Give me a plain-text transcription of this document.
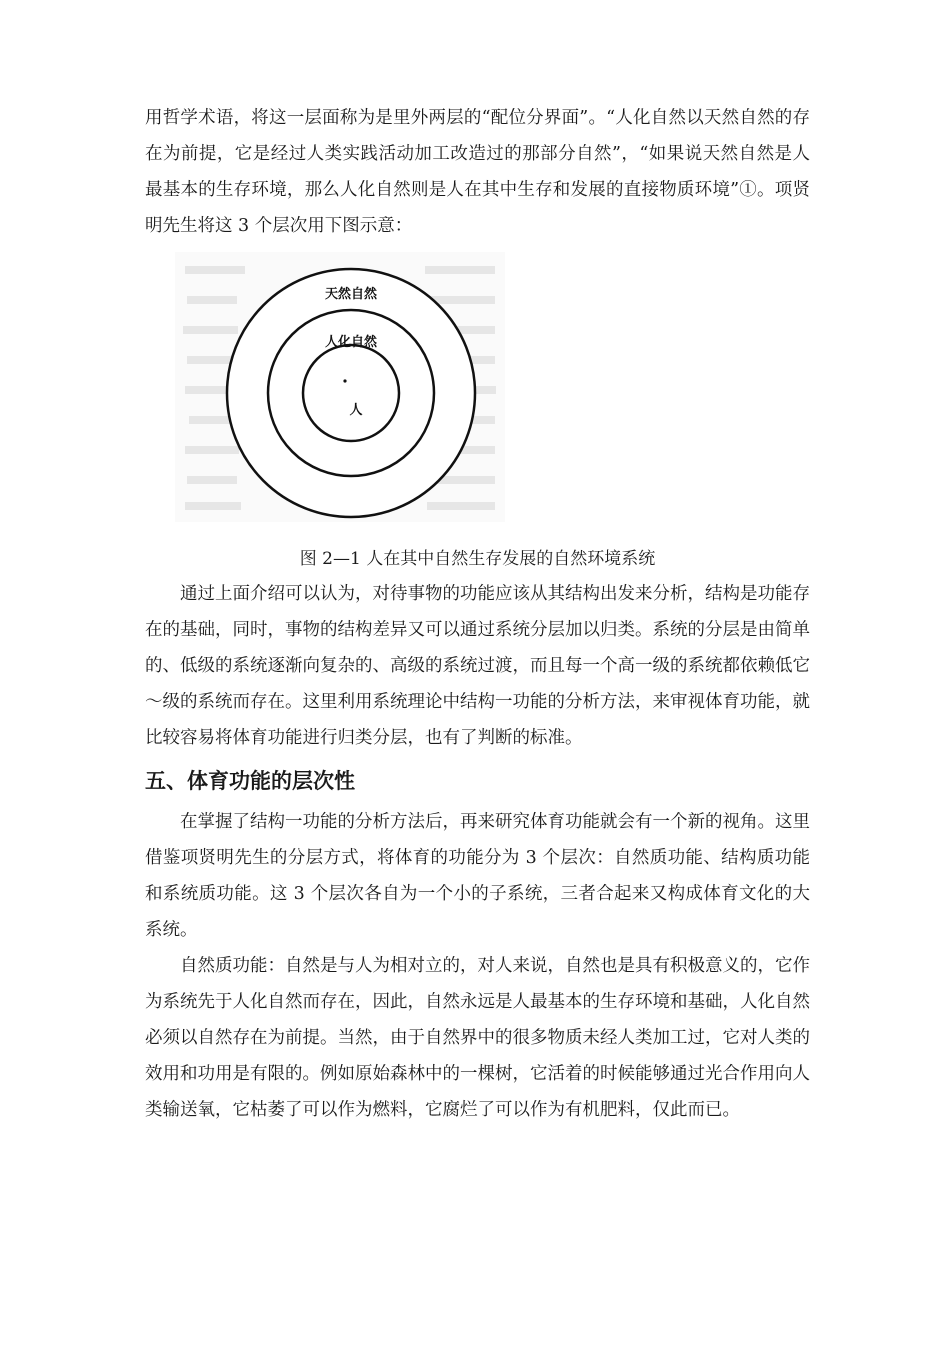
用哲学术语，将这一层面称为是里外两层的“配位分界面”。“人化自然以天然自然的存在为前提，它是经过人类实践活动加工改造过的那部分自然”，“如果说天然自然是人最基本的生存环境，那么人化自然则是人在其中生存和发展的直接物质环境”①。项贤明先生将这 3 个层次用下图示意：

天然自然
人化自然
人

图 2—1 人在其中自然生存发展的自然环境系统

通过上面介绍可以认为，对待事物的功能应该从其结构出发来分析，结构是功能存在的基础，同时，事物的结构差异又可以通过系统分层加以归类。系统的分层是由简单的、低级的系统逐渐向复杂的、高级的系统过渡，而且每一个高一级的系统都依赖低它～级的系统而存在。这里利用系统理论中结构一功能的分析方法，来审视体育功能，就比较容易将体育功能进行归类分层，也有了判断的标准。

五、体育功能的层次性

在掌握了结构一功能的分析方法后，再来研究体育功能就会有一个新的视角。这里借鉴项贤明先生的分层方式，将体育的功能分为 3 个层次：自然质功能、结构质功能和系统质功能。这 3 个层次各自为一个小的子系统，三者合起来又构成体育文化的大系统。

自然质功能：自然是与人为相对立的，对人来说，自然也是具有积极意义的，它作为系统先于人化自然而存在，因此，自然永远是人最基本的生存环境和基础，人化自然必须以自然存在为前提。当然，由于自然界中的很多物质未经人类加工过，它对人类的效用和功用是有限的。例如原始森林中的一棵树，它活着的时候能够通过光合作用向人类输送氧，它枯萎了可以作为燃料，它腐烂了可以作为有机肥料，仅此而已。
